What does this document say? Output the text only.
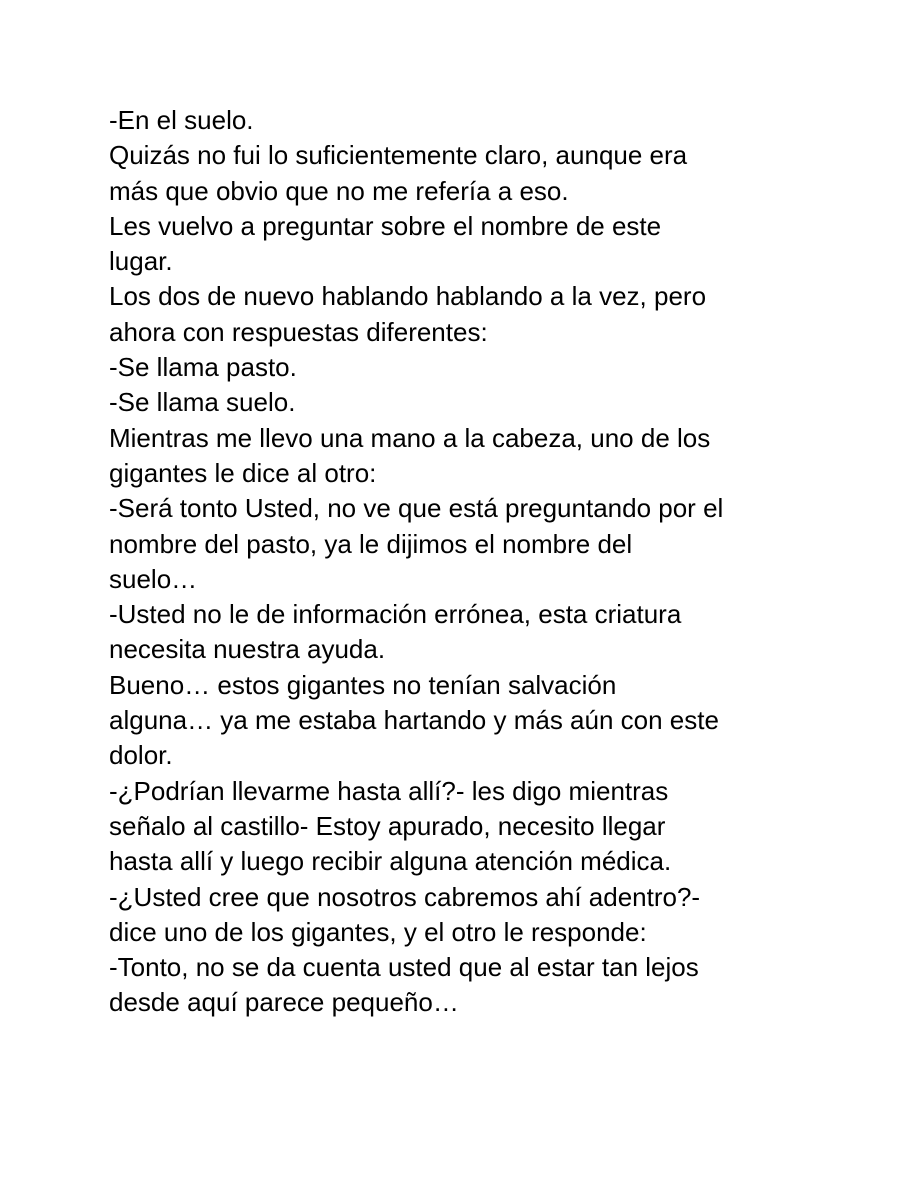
-En el suelo.
Quizás no fui lo suficientemente claro, aunque era
más que obvio que no me refería a eso.
Les vuelvo a preguntar sobre el nombre de este
lugar.
Los dos de nuevo hablando hablando a la vez, pero
ahora con respuestas diferentes:
-Se llama pasto.
-Se llama suelo.
Mientras me llevo una mano a la cabeza, uno de los
gigantes le dice al otro:
-Será tonto Usted, no ve que está preguntando por el
nombre del pasto, ya le dijimos el nombre del
suelo…
-Usted no le de información errónea, esta criatura
necesita nuestra ayuda.
Bueno… estos gigantes no tenían salvación
alguna… ya me estaba hartando y más aún con este
dolor.
-¿Podrían llevarme hasta allí?- les digo mientras
señalo al castillo- Estoy apurado, necesito llegar
hasta allí y luego recibir alguna atención médica.
-¿Usted cree que nosotros cabremos ahí adentro?-
dice uno de los gigantes, y el otro le responde:
-Tonto, no se da cuenta usted que al estar tan lejos
desde aquí parece pequeño…
